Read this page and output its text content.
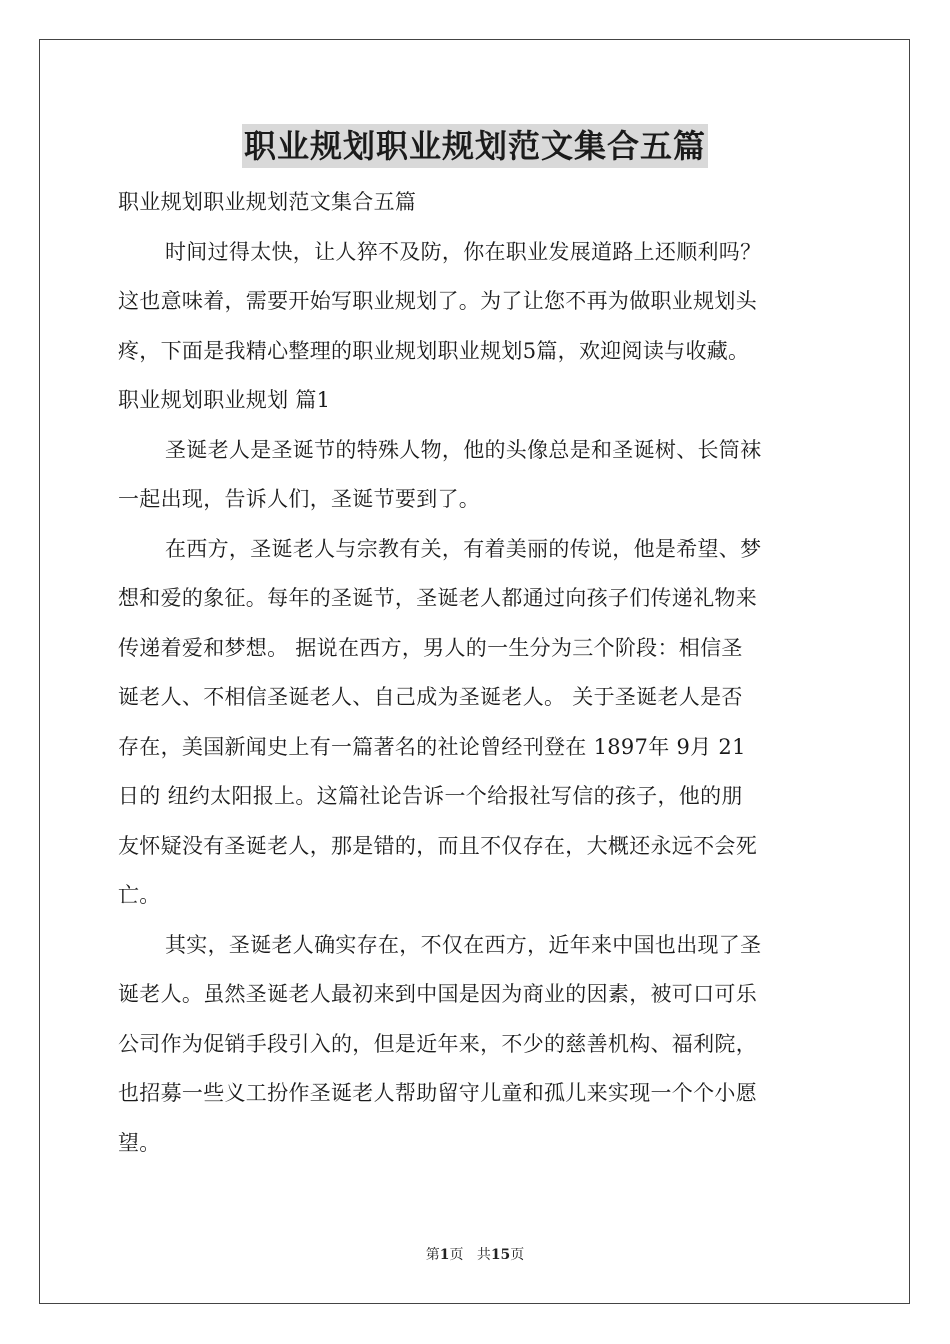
职业规划职业规划范文集合五篇
职业规划职业规划范文集合五篇
时间过得太快，让人猝不及防，你在职业发展道路上还顺利吗？
这也意味着，需要开始写职业规划了。为了让您不再为做职业规划头
疼，下面是我精心整理的职业规划职业规划5篇，欢迎阅读与收藏。
职业规划职业规划 篇1
圣诞老人是圣诞节的特殊人物，他的头像总是和圣诞树、长筒袜
一起出现，告诉人们，圣诞节要到了。
在西方，圣诞老人与宗教有关，有着美丽的传说，他是希望、梦
想和爱的象征。每年的圣诞节，圣诞老人都通过向孩子们传递礼物来
传递着爱和梦想。 据说在西方，男人的一生分为三个阶段：相信圣
诞老人、不相信圣诞老人、自己成为圣诞老人。 关于圣诞老人是否
存在，美国新闻史上有一篇著名的社论曾经刊登在 1897年 9月 21
日的 纽约太阳报上。这篇社论告诉一个给报社写信的孩子，他的朋
友怀疑没有圣诞老人，那是错的，而且不仅存在，大概还永远不会死
亡。
其实，圣诞老人确实存在，不仅在西方，近年来中国也出现了圣
诞老人。虽然圣诞老人最初来到中国是因为商业的因素，被可口可乐
公司作为促销手段引入的，但是近年来，不少的慈善机构、福利院，
也招募一些义工扮作圣诞老人帮助留守儿童和孤儿来实现一个个小愿
望。
第1页 共15页
